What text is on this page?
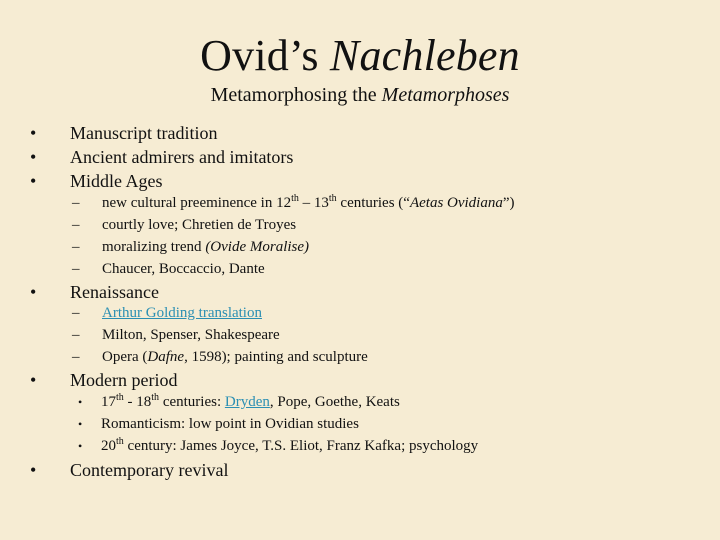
Ovid’s Nachleben
Metamorphosing the Metamorphoses
• Manuscript tradition
• Ancient admirers and imitators
• Middle Ages
– new cultural preeminence in 12th – 13th centuries (“Aetas Ovidiana”)
– courtly love; Chretien de Troyes
– moralizing trend (Ovide Moralise)
– Chaucer, Boccaccio, Dante
• Renaissance
– Arthur Golding translation
– Milton, Spenser, Shakespeare
– Opera (Dafne, 1598); painting and sculpture
• Modern period
• 17th - 18th centuries: Dryden, Pope, Goethe, Keats
• Romanticism: low point in Ovidian studies
• 20th century: James Joyce, T.S. Eliot, Franz Kafka; psychology
• Contemporary revival
